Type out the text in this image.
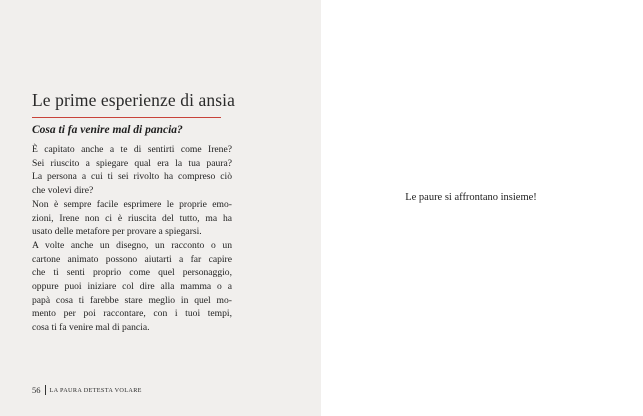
Le prime esperienze di ansia
Cosa ti fa venire mal di pancia?
È capitato anche a te di sentirti come Irene?
Sei riuscito a spiegare qual era la tua paura?
La persona a cui ti sei rivolto ha compreso ciò
che volevi dire?
Non è sempre facile esprimere le proprie emo-
zioni, Irene non ci è riuscita del tutto, ma ha
usato delle metafore per provare a spiegarsi.
A volte anche un disegno, un racconto o un
cartone animato possono aiutarti a far capire
che ti senti proprio come quel personaggio,
oppure puoi iniziare col dire alla mamma o a
papà cosa ti farebbe stare meglio in quel mo-
mento per poi raccontare, con i tuoi tempi,
cosa ti fa venire mal di pancia.
56 LA PAURA DETESTA VOLARE

Le paure si affrontano insieme!
